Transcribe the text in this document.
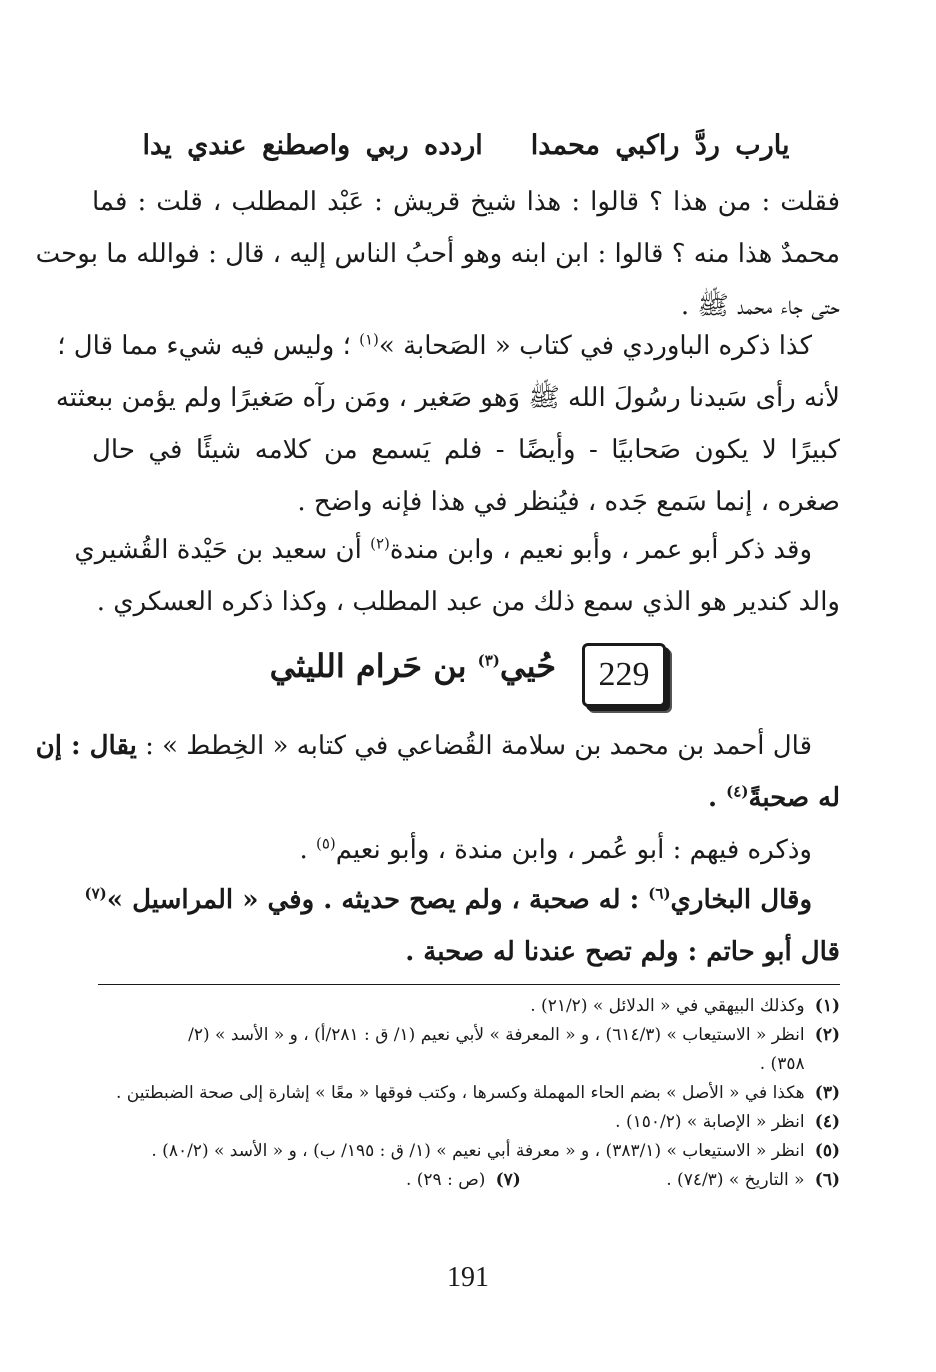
يارب ردَّ راكبي محمدااردده ربي واصطنع عندي يدا
فقلت : من هذا ؟ قالوا : هذا شيخ قريش : عَبْد المطلب ، قلت : فما
محمدٌ هذا منه ؟ قالوا : ابن ابنه وهو أحبُ الناس إليه ، قال : فوالله ما بوحت
حتى جاء محمد ﷺ .
كذا ذكره الباوردي في كتاب « الصَحابة »$^{(١)}$ ؛ وليس فيه شيء مما قال ؛
لأنه رأى سَيدنا رسُولَ الله ﷺ وَهو صَغير ، ومَن رآه صَغيرًا ولم يؤمن ببعثته
كبيرًا لا يكون صَحابيًا - وأيضًا - فلم يَسمع من كلامه شيئًا في حال
صغره ، إنما سَمع جَده ، فيُنظر في هذا فإنه واضح .
وقد ذكر أبو عمر ، وأبو نعيم ، وابن مندة$^{(٢)}$ أن سعيد بن حَيْدة القُشيري
والد كندير هو الذي سمع ذلك من عبد المطلب ، وكذا ذكره العسكري .
حُيي$^{(٣)}$ بن حَرام الليثي	229
قال أحمد بن محمد بن سلامة القُضاعي في كتابه « الخِطط » : يقال : إن
له صحبةً$^{(٤)}$ .
وذكره فيهم : أبو عُمر ، وابن مندة ، وأبو نعيم$^{(٥)}$ .
وقال البخاري$^{(٦)}$ : له صحبة ، ولم يصح حديثه . وفي « المراسيل »$^{(٧)}$
قال أبو حاتم : ولم تصح عندنا له صحبة .
(١) وكذلك البيهقي في « الدلائل » (٢١/٢) .
(٢) انظر « الاستيعاب » (٦١٤/٣) ، و « المعرفة » لأبي نعيم (١/ ق : ٢٨١/أ) ، و « الأسد » (٢/
٣٥٨) .
(٣) هكذا في « الأصل » بضم الحاء المهملة وكسرها ، وكتب فوقها « معًا » إشارة إلى صحة الضبطتين .
(٤) انظر « الإصابة » (١٥٠/٢) .
(٥) انظر « الاستيعاب » (٣٨٣/١) ، و « معرفة أبي نعيم » (١/ ق : ١٩٥/ ب) ، و « الأسد » (٨٠/٢) .
(٦) « التاريخ » (٧٤/٣) . (٧) (ص : ٢٩) .
191
